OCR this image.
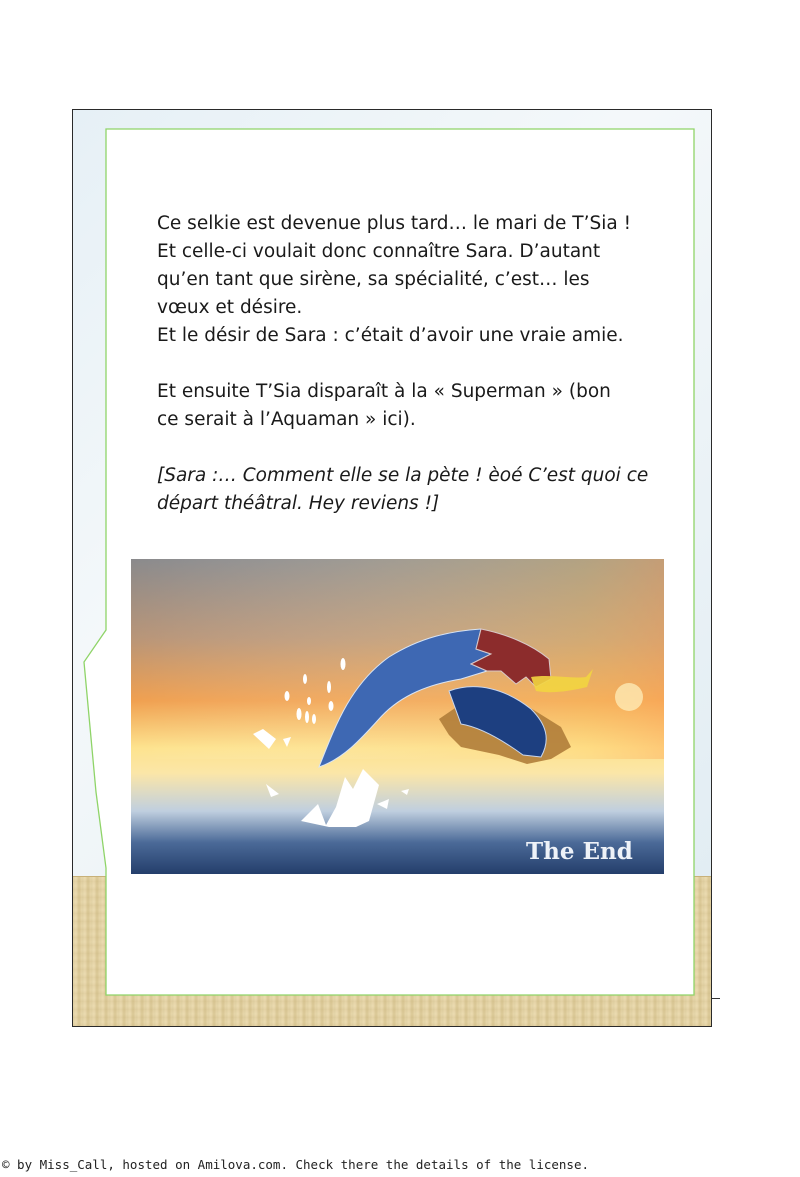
Ce selkie est devenue plus tard… le mari de T’Sia !
Et celle-ci voulait donc connaître Sara. D’autant
qu’en tant que sirène, sa spécialité, c’est… les
vœux et désire.
Et le désir de Sara : c’était d’avoir une vraie amie.

Et ensuite T’Sia disparaît à la « Superman » (bon
ce serait à l’Aquaman » ici).

[Sara :… Comment elle se la pète ! èoé C’est quoi ce
départ théâtral. Hey reviens !]

The End
© by Miss_Call, hosted on Amilova.com. Check there the details of the license.
